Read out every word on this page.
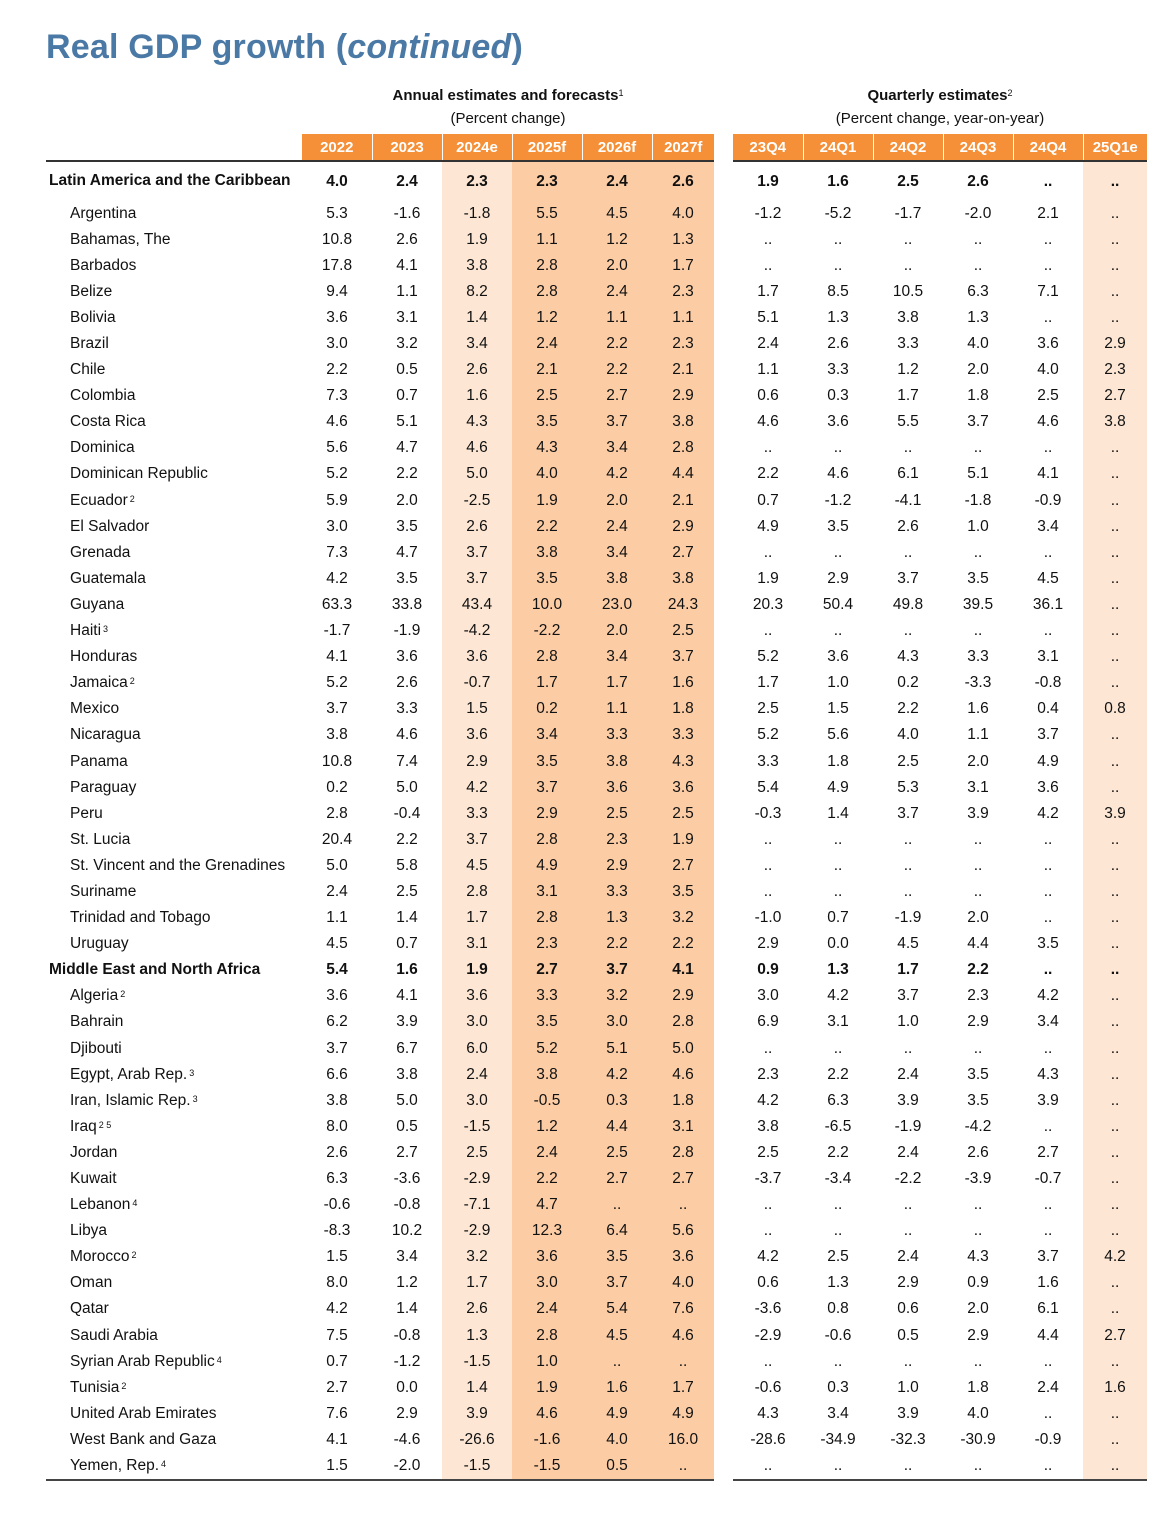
Real GDP growth (continued)
Annual estimates and forecasts$^1$
(Percent change)
Quarterly estimates$^2$
(Percent change, year-on-year)
	2022	2023	2024e	2025f	2026f	2027f		23Q4	24Q1	24Q2	24Q3	24Q4	25Q1e
Latin America and the Caribbean	4.0	2.4	2.3	2.3	2.4	2.6		1.9	1.6	2.5	2.6	..	..
Argentina	5.3	-1.6	-1.8	5.5	4.5	4.0		-1.2	-5.2	-1.7	-2.0	2.1	..
Bahamas, The	10.8	2.6	1.9	1.1	1.2	1.3		..	..	..	..	..	..
Barbados	17.8	4.1	3.8	2.8	2.0	1.7		..	..	..	..	..	..
Belize	9.4	1.1	8.2	2.8	2.4	2.3		1.7	8.5	10.5	6.3	7.1	..
Bolivia	3.6	3.1	1.4	1.2	1.1	1.1		5.1	1.3	3.8	1.3	..	..
Brazil	3.0	3.2	3.4	2.4	2.2	2.3		2.4	2.6	3.3	4.0	3.6	2.9
Chile	2.2	0.5	2.6	2.1	2.2	2.1		1.1	3.3	1.2	2.0	4.0	2.3
Colombia	7.3	0.7	1.6	2.5	2.7	2.9		0.6	0.3	1.7	1.8	2.5	2.7
Costa Rica	4.6	5.1	4.3	3.5	3.7	3.8		4.6	3.6	5.5	3.7	4.6	3.8
Dominica	5.6	4.7	4.6	4.3	3.4	2.8		..	..	..	..	..	..
Dominican Republic	5.2	2.2	5.0	4.0	4.2	4.4		2.2	4.6	6.1	5.1	4.1	..
Ecuador $^2$	5.9	2.0	-2.5	1.9	2.0	2.1		0.7	-1.2	-4.1	-1.8	-0.9	..
El Salvador	3.0	3.5	2.6	2.2	2.4	2.9		4.9	3.5	2.6	1.0	3.4	..
Grenada	7.3	4.7	3.7	3.8	3.4	2.7		..	..	..	..	..	..
Guatemala	4.2	3.5	3.7	3.5	3.8	3.8		1.9	2.9	3.7	3.5	4.5	..
Guyana	63.3	33.8	43.4	10.0	23.0	24.3		20.3	50.4	49.8	39.5	36.1	..
Haiti $^3$	-1.7	-1.9	-4.2	-2.2	2.0	2.5		..	..	..	..	..	..
Honduras	4.1	3.6	3.6	2.8	3.4	3.7		5.2	3.6	4.3	3.3	3.1	..
Jamaica $^2$	5.2	2.6	-0.7	1.7	1.7	1.6		1.7	1.0	0.2	-3.3	-0.8	..
Mexico	3.7	3.3	1.5	0.2	1.1	1.8		2.5	1.5	2.2	1.6	0.4	0.8
Nicaragua	3.8	4.6	3.6	3.4	3.3	3.3		5.2	5.6	4.0	1.1	3.7	..
Panama	10.8	7.4	2.9	3.5	3.8	4.3		3.3	1.8	2.5	2.0	4.9	..
Paraguay	0.2	5.0	4.2	3.7	3.6	3.6		5.4	4.9	5.3	3.1	3.6	..
Peru	2.8	-0.4	3.3	2.9	2.5	2.5		-0.3	1.4	3.7	3.9	4.2	3.9
St. Lucia	20.4	2.2	3.7	2.8	2.3	1.9		..	..	..	..	..	..
St. Vincent and the Grenadines	5.0	5.8	4.5	4.9	2.9	2.7		..	..	..	..	..	..
Suriname	2.4	2.5	2.8	3.1	3.3	3.5		..	..	..	..	..	..
Trinidad and Tobago	1.1	1.4	1.7	2.8	1.3	3.2		-1.0	0.7	-1.9	2.0	..	..
Uruguay	4.5	0.7	3.1	2.3	2.2	2.2		2.9	0.0	4.5	4.4	3.5	..
Middle East and North Africa	5.4	1.6	1.9	2.7	3.7	4.1		0.9	1.3	1.7	2.2	..	..
Algeria $^2$	3.6	4.1	3.6	3.3	3.2	2.9		3.0	4.2	3.7	2.3	4.2	..
Bahrain	6.2	3.9	3.0	3.5	3.0	2.8		6.9	3.1	1.0	2.9	3.4	..
Djibouti	3.7	6.7	6.0	5.2	5.1	5.0		..	..	..	..	..	..
Egypt, Arab Rep. $^3$	6.6	3.8	2.4	3.8	4.2	4.6		2.3	2.2	2.4	3.5	4.3	..
Iran, Islamic Rep. $^3$	3.8	5.0	3.0	-0.5	0.3	1.8		4.2	6.3	3.9	3.5	3.9	..
Iraq $^{2 5}$	8.0	0.5	-1.5	1.2	4.4	3.1		3.8	-6.5	-1.9	-4.2	..	..
Jordan	2.6	2.7	2.5	2.4	2.5	2.8		2.5	2.2	2.4	2.6	2.7	..
Kuwait	6.3	-3.6	-2.9	2.2	2.7	2.7		-3.7	-3.4	-2.2	-3.9	-0.7	..
Lebanon $^4$	-0.6	-0.8	-7.1	4.7	..	..		..	..	..	..	..	..
Libya	-8.3	10.2	-2.9	12.3	6.4	5.6		..	..	..	..	..	..
Morocco $^2$	1.5	3.4	3.2	3.6	3.5	3.6		4.2	2.5	2.4	4.3	3.7	4.2
Oman	8.0	1.2	1.7	3.0	3.7	4.0		0.6	1.3	2.9	0.9	1.6	..
Qatar	4.2	1.4	2.6	2.4	5.4	7.6		-3.6	0.8	0.6	2.0	6.1	..
Saudi Arabia	7.5	-0.8	1.3	2.8	4.5	4.6		-2.9	-0.6	0.5	2.9	4.4	2.7
Syrian Arab Republic $^4$	0.7	-1.2	-1.5	1.0	..	..		..	..	..	..	..	..
Tunisia $^2$	2.7	0.0	1.4	1.9	1.6	1.7		-0.6	0.3	1.0	1.8	2.4	1.6
United Arab Emirates	7.6	2.9	3.9	4.6	4.9	4.9		4.3	3.4	3.9	4.0	..	..
West Bank and Gaza	4.1	-4.6	-26.6	-1.6	4.0	16.0		-28.6	-34.9	-32.3	-30.9	-0.9	..
Yemen, Rep. $^4$	1.5	-2.0	-1.5	-1.5	0.5	..		..	..	..	..	..	..
